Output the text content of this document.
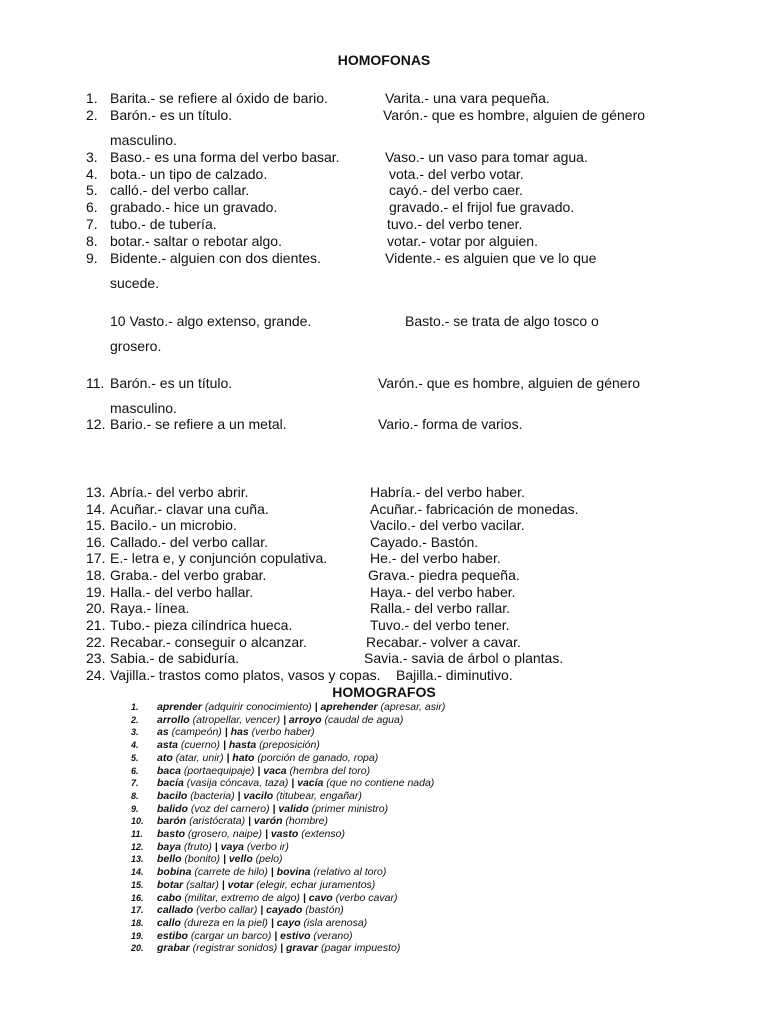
HOMOFONAS
1. Barita.- se refiere al óxido de bario.	Varita.- una vara pequeña.
2. Barón.- es un título.	Varón.- que es hombre, alguien de género
masculino.
3. Baso.- es una forma del verbo basar.	Vaso.- un vaso para tomar agua.
4. bota.- un tipo de calzado.	vota.- del verbo votar.
5. calló.- del verbo callar.	cayó.- del verbo caer.
6. grabado.- hice un gravado.	gravado.- el frijol fue gravado.
7. tubo.- de tubería.	tuvo.- del verbo tener.
8. botar.- saltar o rebotar algo.	votar.- votar por alguien.
9. Bidente.- alguien con dos dientes.	Vidente.- es alguien que ve lo que
sucede.
10 Vasto.- algo extenso, grande.	Basto.- se trata de algo tosco o
grosero.
11. Barón.- es un título.	Varón.- que es hombre, alguien de género
masculino.
12. Bario.- se refiere a un metal.	Vario.- forma de varios.
13. Abría.- del verbo abrir.	Habría.- del verbo haber.
14. Acuñar.- clavar una cuña.	Acuñar.- fabricación de monedas.
15. Bacilo.- un microbio.	Vacilo.- del verbo vacilar.
16. Callado.- del verbo callar.	Cayado.- Bastón.
17. E.- letra e, y conjunción copulativa.	He.- del verbo haber.
18. Graba.- del verbo grabar.	Grava.- piedra pequeña.
19. Halla.- del verbo hallar.	Haya.- del verbo haber.
20. Raya.- línea.	Ralla.- del verbo rallar.
21. Tubo.- pieza cilíndrica hueca.	Tuvo.- del verbo tener.
22. Recabar.- conseguir o alcanzar.	Recabar.- volver a cavar.
23. Sabia.- de sabiduría.	Savia.- savia de árbol o plantas.
24. Vajilla.- trastos como platos, vasos y copas. Bajilla.- diminutivo.
HOMOGRAFOS
1. aprender (adquirir conocimiento) | aprehender (apresar, asir)
2. arrollo (atropellar, vencer) | arroyo (caudal de agua)
3. as (campeón) | has (verbo haber)
4. asta (cuerno) | hasta (preposición)
5. ato (atar, unir) | hato (porción de ganado, ropa)
6. baca (portaequipaje) | vaca (hembra del toro)
7. bacía (vasija cóncava, taza) | vacía (que no contiene nada)
8. bacilo (bacteria) | vacilo (titubear, engañar)
9. balido (voz del carnero) | valido (primer ministro)
10. barón (aristócrata) | varón (hombre)
11. basto (grosero, naipe) | vasto (extenso)
12. baya (fruto) | vaya (verbo ir)
13. bello (bonito) | vello (pelo)
14. bobina (carrete de hilo) | bovina (relativo al toro)
15. botar (saltar) | votar (elegir, echar juramentos)
16. cabo (militar, extremo de algo) | cavo (verbo cavar)
17. callado (verbo callar) | cayado (bastón)
18. callo (dureza en la piel) | cayo (isla arenosa)
19. estibo (cargar un barco) | estivo (verano)
20. grabar (registrar sonidos) | gravar (pagar impuesto)
